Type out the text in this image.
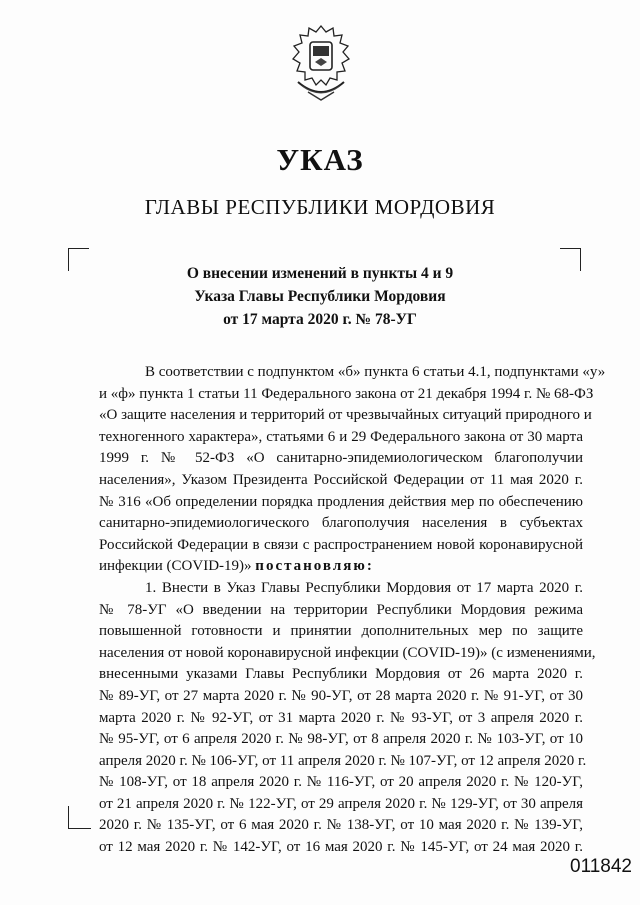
УКАЗ
ГЛАВЫ РЕСПУБЛИКИ МОРДОВИЯ
О внесении изменений в пункты 4 и 9
Указа Главы Республики Мордовия
от 17 марта 2020 г. № 78-УГ
В соответствии с подпунктом «б» пункта 6 статьи 4.1, подпунктами «у»
и «ф» пункта 1 статьи 11 Федерального закона от 21 декабря 1994 г. № 68-ФЗ
«О защите населения и территорий от чрезвычайных ситуаций природного и
техногенного характера», статьями 6 и 29 Федерального закона от 30 марта
1999 г. № 52-ФЗ «О санитарно-эпидемиологическом благополучии
населения», Указом Президента Российской Федерации от 11 мая 2020 г.
№ 316 «Об определении порядка продления действия мер по обеспечению
санитарно-эпидемиологического благополучия населения в субъектах
Российской Федерации в связи с распространением новой коронавирусной
инфекции (COVID-19)» постановляю:
1. Внести в Указ Главы Республики Мордовия от 17 марта 2020 г.
№ 78-УГ «О введении на территории Республики Мордовия режима
повышенной готовности и принятии дополнительных мер по защите
населения от новой коронавирусной инфекции (COVID-19)» (с изменениями,
внесенными указами Главы Республики Мордовия от 26 марта 2020 г.
№ 89-УГ, от 27 марта 2020 г. № 90-УГ, от 28 марта 2020 г. № 91-УГ, от 30
марта 2020 г. № 92-УГ, от 31 марта 2020 г. № 93-УГ, от 3 апреля 2020 г.
№ 95-УГ, от 6 апреля 2020 г. № 98-УГ, от 8 апреля 2020 г. № 103-УГ, от 10
апреля 2020 г. № 106-УГ, от 11 апреля 2020 г. № 107-УГ, от 12 апреля 2020 г.
№ 108-УГ, от 18 апреля 2020 г. № 116-УГ, от 20 апреля 2020 г. № 120-УГ,
от 21 апреля 2020 г. № 122-УГ, от 29 апреля 2020 г. № 129-УГ, от 30 апреля
2020 г. № 135-УГ, от 6 мая 2020 г. № 138-УГ, от 10 мая 2020 г. № 139-УГ,
от 12 мая 2020 г. № 142-УГ, от 16 мая 2020 г. № 145-УГ, от 24 мая 2020 г.
011842
